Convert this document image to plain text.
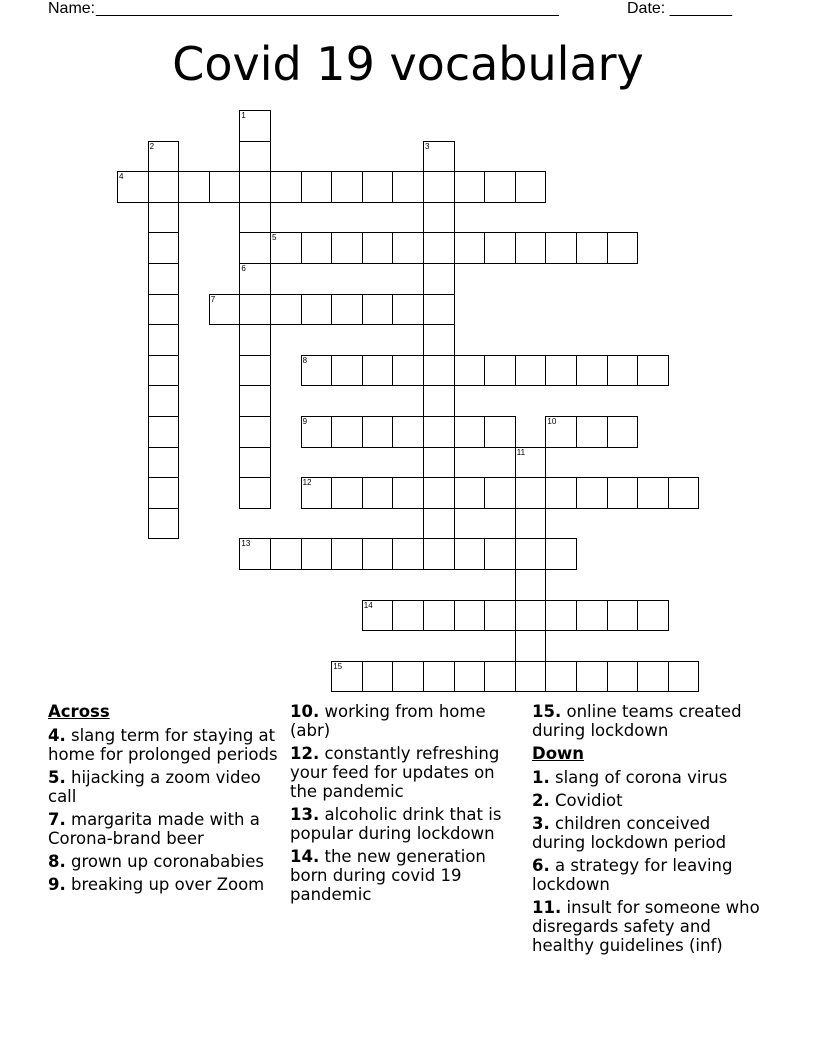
Name:
____________________________________________________	Date: _______
Covid 19 vocabulary
1
2	3
4
5
6
7
8
9	10
11
12
13
14
15
Across
4. slang term for staying at home for prolonged periods
5. hijacking a zoom video call
7. margarita made with a Corona-brand beer
8. grown up coronababies
9. breaking up over Zoom
10. working from home (abr)
12. constantly refreshing your feed for updates on the pandemic
13. alcoholic drink that is popular during lockdown
14. the new generation born during covid 19 pandemic
15. online teams created during lockdown
Down
1. slang of corona virus
2. Covidiot
3. children conceived during lockdown period
6. a strategy for leaving lockdown
11. insult for someone who disregards safety and healthy guidelines (inf)
